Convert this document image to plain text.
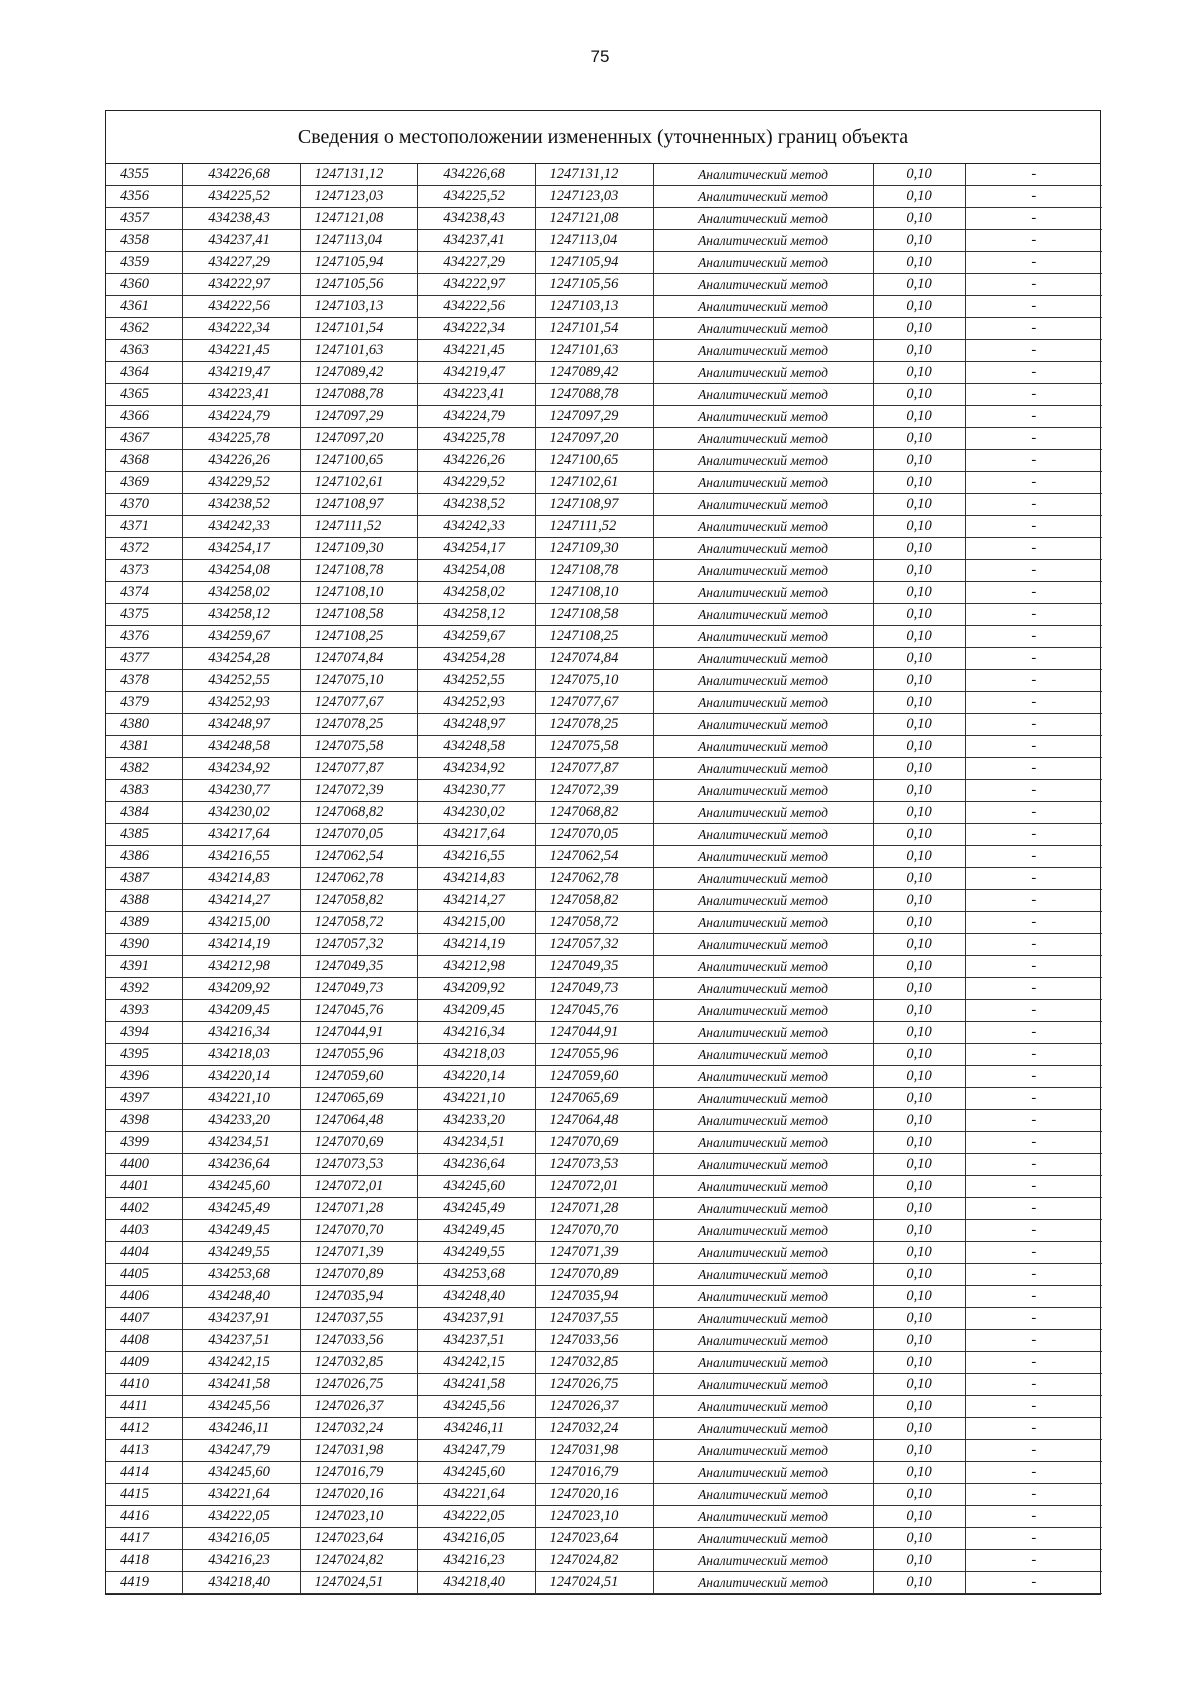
75
Сведения о местоположении измененных (уточненных) границ объекта
4355	434226,68	1247131,12	434226,68	1247131,12	Аналитический метод	0,10	-
4356	434225,52	1247123,03	434225,52	1247123,03	Аналитический метод	0,10	-
4357	434238,43	1247121,08	434238,43	1247121,08	Аналитический метод	0,10	-
4358	434237,41	1247113,04	434237,41	1247113,04	Аналитический метод	0,10	-
4359	434227,29	1247105,94	434227,29	1247105,94	Аналитический метод	0,10	-
4360	434222,97	1247105,56	434222,97	1247105,56	Аналитический метод	0,10	-
4361	434222,56	1247103,13	434222,56	1247103,13	Аналитический метод	0,10	-
4362	434222,34	1247101,54	434222,34	1247101,54	Аналитический метод	0,10	-
4363	434221,45	1247101,63	434221,45	1247101,63	Аналитический метод	0,10	-
4364	434219,47	1247089,42	434219,47	1247089,42	Аналитический метод	0,10	-
4365	434223,41	1247088,78	434223,41	1247088,78	Аналитический метод	0,10	-
4366	434224,79	1247097,29	434224,79	1247097,29	Аналитический метод	0,10	-
4367	434225,78	1247097,20	434225,78	1247097,20	Аналитический метод	0,10	-
4368	434226,26	1247100,65	434226,26	1247100,65	Аналитический метод	0,10	-
4369	434229,52	1247102,61	434229,52	1247102,61	Аналитический метод	0,10	-
4370	434238,52	1247108,97	434238,52	1247108,97	Аналитический метод	0,10	-
4371	434242,33	1247111,52	434242,33	1247111,52	Аналитический метод	0,10	-
4372	434254,17	1247109,30	434254,17	1247109,30	Аналитический метод	0,10	-
4373	434254,08	1247108,78	434254,08	1247108,78	Аналитический метод	0,10	-
4374	434258,02	1247108,10	434258,02	1247108,10	Аналитический метод	0,10	-
4375	434258,12	1247108,58	434258,12	1247108,58	Аналитический метод	0,10	-
4376	434259,67	1247108,25	434259,67	1247108,25	Аналитический метод	0,10	-
4377	434254,28	1247074,84	434254,28	1247074,84	Аналитический метод	0,10	-
4378	434252,55	1247075,10	434252,55	1247075,10	Аналитический метод	0,10	-
4379	434252,93	1247077,67	434252,93	1247077,67	Аналитический метод	0,10	-
4380	434248,97	1247078,25	434248,97	1247078,25	Аналитический метод	0,10	-
4381	434248,58	1247075,58	434248,58	1247075,58	Аналитический метод	0,10	-
4382	434234,92	1247077,87	434234,92	1247077,87	Аналитический метод	0,10	-
4383	434230,77	1247072,39	434230,77	1247072,39	Аналитический метод	0,10	-
4384	434230,02	1247068,82	434230,02	1247068,82	Аналитический метод	0,10	-
4385	434217,64	1247070,05	434217,64	1247070,05	Аналитический метод	0,10	-
4386	434216,55	1247062,54	434216,55	1247062,54	Аналитический метод	0,10	-
4387	434214,83	1247062,78	434214,83	1247062,78	Аналитический метод	0,10	-
4388	434214,27	1247058,82	434214,27	1247058,82	Аналитический метод	0,10	-
4389	434215,00	1247058,72	434215,00	1247058,72	Аналитический метод	0,10	-
4390	434214,19	1247057,32	434214,19	1247057,32	Аналитический метод	0,10	-
4391	434212,98	1247049,35	434212,98	1247049,35	Аналитический метод	0,10	-
4392	434209,92	1247049,73	434209,92	1247049,73	Аналитический метод	0,10	-
4393	434209,45	1247045,76	434209,45	1247045,76	Аналитический метод	0,10	-
4394	434216,34	1247044,91	434216,34	1247044,91	Аналитический метод	0,10	-
4395	434218,03	1247055,96	434218,03	1247055,96	Аналитический метод	0,10	-
4396	434220,14	1247059,60	434220,14	1247059,60	Аналитический метод	0,10	-
4397	434221,10	1247065,69	434221,10	1247065,69	Аналитический метод	0,10	-
4398	434233,20	1247064,48	434233,20	1247064,48	Аналитический метод	0,10	-
4399	434234,51	1247070,69	434234,51	1247070,69	Аналитический метод	0,10	-
4400	434236,64	1247073,53	434236,64	1247073,53	Аналитический метод	0,10	-
4401	434245,60	1247072,01	434245,60	1247072,01	Аналитический метод	0,10	-
4402	434245,49	1247071,28	434245,49	1247071,28	Аналитический метод	0,10	-
4403	434249,45	1247070,70	434249,45	1247070,70	Аналитический метод	0,10	-
4404	434249,55	1247071,39	434249,55	1247071,39	Аналитический метод	0,10	-
4405	434253,68	1247070,89	434253,68	1247070,89	Аналитический метод	0,10	-
4406	434248,40	1247035,94	434248,40	1247035,94	Аналитический метод	0,10	-
4407	434237,91	1247037,55	434237,91	1247037,55	Аналитический метод	0,10	-
4408	434237,51	1247033,56	434237,51	1247033,56	Аналитический метод	0,10	-
4409	434242,15	1247032,85	434242,15	1247032,85	Аналитический метод	0,10	-
4410	434241,58	1247026,75	434241,58	1247026,75	Аналитический метод	0,10	-
4411	434245,56	1247026,37	434245,56	1247026,37	Аналитический метод	0,10	-
4412	434246,11	1247032,24	434246,11	1247032,24	Аналитический метод	0,10	-
4413	434247,79	1247031,98	434247,79	1247031,98	Аналитический метод	0,10	-
4414	434245,60	1247016,79	434245,60	1247016,79	Аналитический метод	0,10	-
4415	434221,64	1247020,16	434221,64	1247020,16	Аналитический метод	0,10	-
4416	434222,05	1247023,10	434222,05	1247023,10	Аналитический метод	0,10	-
4417	434216,05	1247023,64	434216,05	1247023,64	Аналитический метод	0,10	-
4418	434216,23	1247024,82	434216,23	1247024,82	Аналитический метод	0,10	-
4419	434218,40	1247024,51	434218,40	1247024,51	Аналитический метод	0,10	-
